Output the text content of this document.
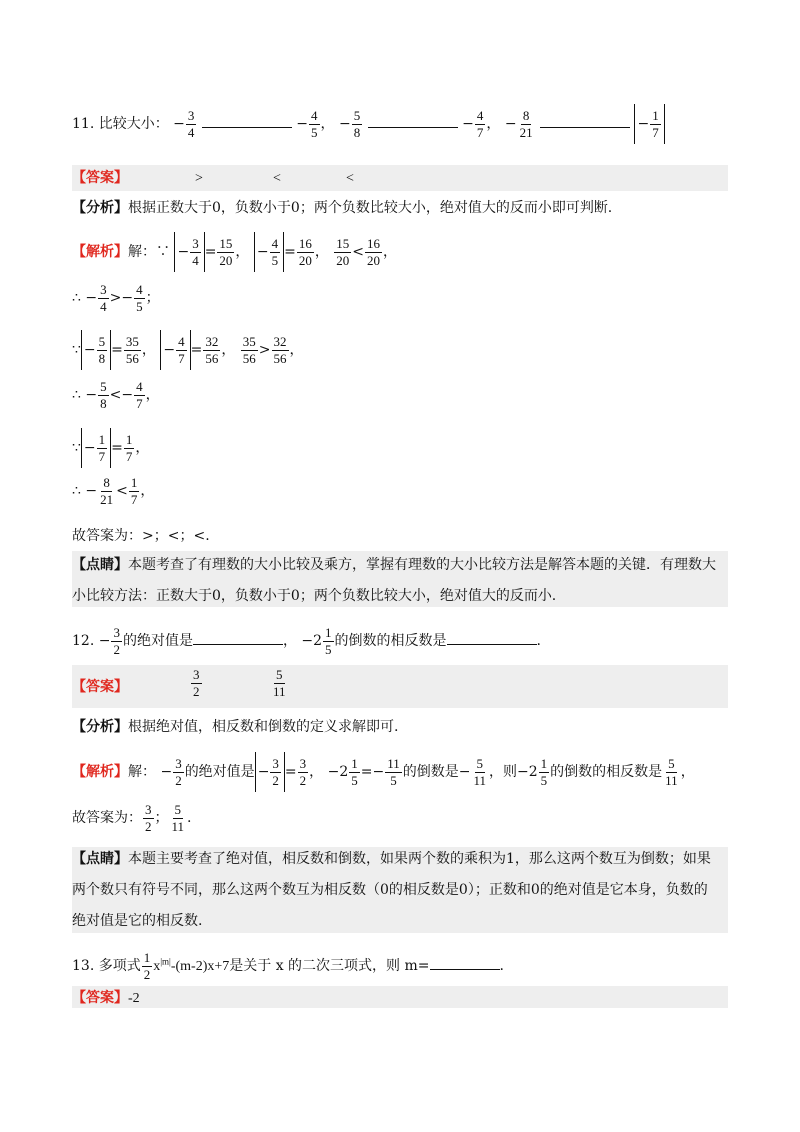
11. 比较大小： − $\frac{3}{4}$	− $\frac{4}{5}$ ， − $\frac{5}{8}$	− $\frac{4}{7}$ ， − $\frac{8}{21}$	− $\frac{1}{7}$
【答案】	>	<	<
【分析】根据正数大于0，负数小于0；两个负数比较大小，绝对值大的反而小即可判断.
【解析】解：∵ − $\frac{3}{4} = \frac{15}{20}$ ， − $\frac{4}{5} = \frac{16}{20}$ ， $\frac{15}{20} < \frac{16}{20}$ ，
∴ − $\frac{3}{4} >- \frac{4}{5}$ ；
∵ − $\frac{5}{8} = \frac{35}{56}$ ， − $\frac{4}{7} = \frac{32}{56}$ ， $\frac{35}{56} > \frac{32}{56}$ ，
∴ − $\frac{5}{8} <- \frac{4}{7}$ ，
∵ − $\frac{1}{7} = \frac{1}{7}$ ，
∴ − $\frac{8}{21} < \frac{1}{7}$ ，
故答案为：>；<；<.
【点睛】本题考查了有理数的大小比较及乘方，掌握有理数的大小比较方法是解答本题的关键．有理数大
小比较方法：正数大于0，负数小于0；两个负数比较大小，绝对值大的反而小.
12. − $\frac{3}{2}$ 的绝对值是	， $-2 \frac{1}{5}$ 的倒数的相反数是	.
【答案】	$\frac{3}{2}$	$\frac{5}{11}$
【分析】根据绝对值，相反数和倒数的定义求解即可.
【解析】解： − $\frac{3}{2}$ 的绝对值是 − $\frac{3}{2} = \frac{3}{2}$ ， $-2 \frac{1}{5} =- \frac{11}{5}$ 的倒数是− $\frac{5}{11}$ ，则$-2 \frac{1}{5}$ 的倒数的相反数是 $\frac{5}{11}$ ，
故答案为： $\frac{3}{2}$ ； $\frac{5}{11}$ .
【点睛】本题主要考查了绝对值，相反数和倒数，如果两个数的乘积为1，那么这两个数互为倒数；如果
两个数只有符号不同，那么这两个数互为相反数（0的相反数是0）；正数和0的绝对值是它本身，负数的
绝对值是它的相反数.
13. 多项式 $\frac{1}{2} x^{|m|}-(m-2)x+7$是关于 x 的二次三项式，则 m=	.
【答案】-2
